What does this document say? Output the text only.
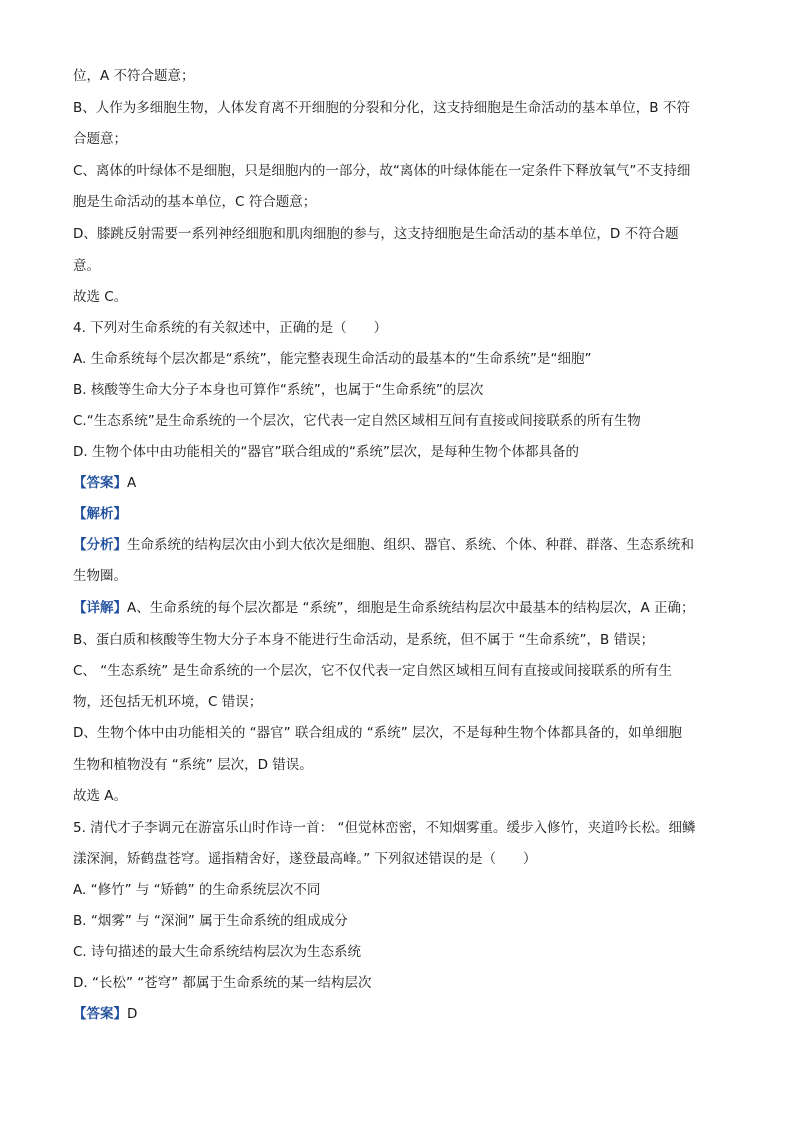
位，A 不符合题意；
B、人作为多细胞生物，人体发育离不开细胞的分裂和分化，这支持细胞是生命活动的基本单位，B 不符
合题意；
C、离体的叶绿体不是细胞，只是细胞内的一部分，故“离体的叶绿体能在一定条件下释放氧气”不支持细
胞是生命活动的基本单位，C 符合题意；
D、膝跳反射需要一系列神经细胞和肌肉细胞的参与，这支持细胞是生命活动的基本单位，D 不符合题
意。
故选 C。
4. 下列对生命系统的有关叙述中，正确的是（　　）
A. 生命系统每个层次都是“系统”，能完整表现生命活动的最基本的“生命系统”是“细胞”
B. 核酸等生命大分子本身也可算作“系统”，也属于“生命系统”的层次
C.“生态系统”是生命系统的一个层次，它代表一定自然区域相互间有直接或间接联系的所有生物
D. 生物个体中由功能相关的“器官”联合组成的“系统”层次，是每种生物个体都具备的
【答案】A
【解析】
【分析】生命系统的结构层次由小到大依次是细胞、组织、器官、系统、个体、种群、群落、生态系统和
生物圈。
【详解】A、生命系统的每个层次都是 “系统”，细胞是生命系统结构层次中最基本的结构层次，A 正确；
B、蛋白质和核酸等生物大分子本身不能进行生命活动，是系统，但不属于 “生命系统”，B 错误；
C、 “生态系统” 是生命系统的一个层次，它不仅代表一定自然区域相互间有直接或间接联系的所有生
物，还包括无机环境，C 错误；
D、生物个体中由功能相关的 “器官” 联合组成的 “系统” 层次，不是每种生物个体都具备的，如单细胞
生物和植物没有 “系统” 层次，D 错误。
故选 A。
5. 清代才子李调元在游富乐山时作诗一首： “但觉林峦密，不知烟雾重。缓步入修竹，夹道吟长松。细鳞
漾深涧，矫鹤盘苍穹。遥指精舍好，遂登最高峰。” 下列叙述错误的是（　　）
A. “修竹” 与 “矫鹤” 的生命系统层次不同
B. “烟雾” 与 “深涧” 属于生命系统的组成成分
C. 诗句描述的最大生命系统结构层次为生态系统
D. “长松” “苍穹” 都属于生命系统的某一结构层次
【答案】D
